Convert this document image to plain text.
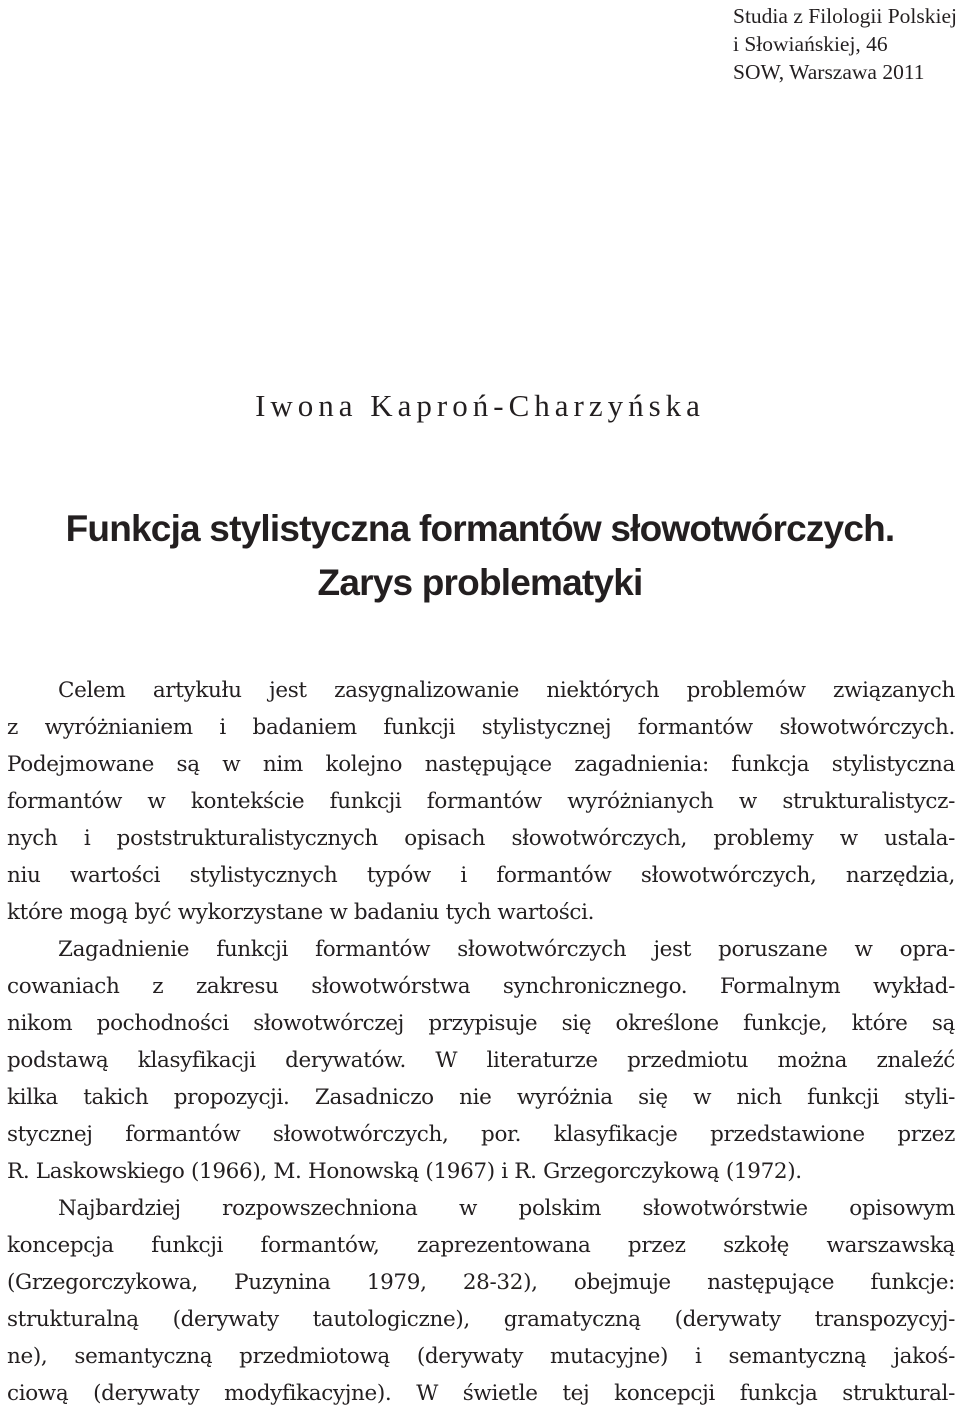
Studia z Filologii Polskiej
i Słowiańskiej, 46
SOW, Warszawa 2011
Iwona Kaproń-Charzyńska
Funkcja stylistyczna formantów słowotwórczych.
Zarys problematyki
Celem artykułu jest zasygnalizowanie niektórych problemów związanych
z wyróżnianiem i badaniem funkcji stylistycznej formantów słowotwórczych.
Podejmowane są w nim kolejno następujące zagadnienia: funkcja stylistyczna
formantów w kontekście funkcji formantów wyróżnianych w strukturalistycz-
nych i poststrukturalistycznych opisach słowotwórczych, problemy w ustala-
niu wartości stylistycznych typów i formantów słowotwórczych, narzędzia,
które mogą być wykorzystane w badaniu tych wartości.
Zagadnienie funkcji formantów słowotwórczych jest poruszane w opra-
cowaniach z zakresu słowotwórstwa synchronicznego. Formalnym wykład-
nikom pochodności słowotwórczej przypisuje się określone funkcje, które są
podstawą klasyfikacji derywatów. W literaturze przedmiotu można znaleźć
kilka takich propozycji. Zasadniczo nie wyróżnia się w nich funkcji styli-
stycznej formantów słowotwórczych, por. klasyfikacje przedstawione przez
R. Laskowskiego (1966), M. Honowską (1967) i R. Grzegorczykową (1972).
Najbardziej rozpowszechniona w polskim słowotwórstwie opisowym
koncepcja funkcji formantów, zaprezentowana przez szkołę warszawską
(Grzegorczykowa, Puzynina 1979, 28-32), obejmuje następujące funkcje:
strukturalną (derywaty tautologiczne), gramatyczną (derywaty transpozycyj-
ne), semantyczną przedmiotową (derywaty mutacyjne) i semantyczną jakoś-
ciową (derywaty modyfikacyjne). W świetle tej koncepcji funkcja struktural-
